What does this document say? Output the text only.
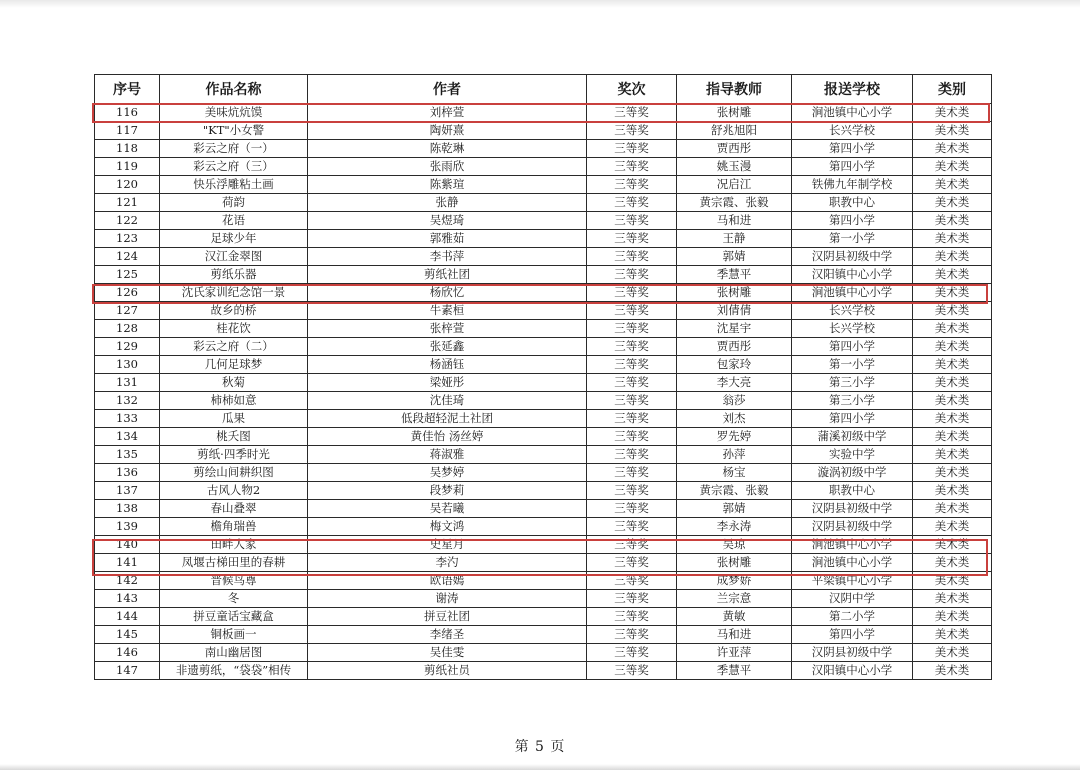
序号	作品名称	作者	奖次	指导教师	报送学校	类别
116	美味炕炕馍	刘梓萱	三等奖	张树雕	涧池镇中心小学	美术类
117	"KT"小女警	陶妍熹	三等奖	舒兆旭阳	长兴学校	美术类
118	彩云之府（一）	陈乾琳	三等奖	贾西彤	第四小学	美术类
119	彩云之府（三）	张雨欣	三等奖	姚玉漫	第四小学	美术类
120	快乐浮雕粘土画	陈紫瑄	三等奖	况启江	铁佛九年制学校	美术类
121	荷韵	张静	三等奖	黄宗霞、张毅	职教中心	美术类
122	花语	吴煜琦	三等奖	马和进	第四小学	美术类
123	足球少年	郭雅茹	三等奖	王静	第一小学	美术类
124	汉江金翠图	李书萍	三等奖	郭婧	汉阴县初级中学	美术类
125	剪纸乐器	剪纸社团	三等奖	季慧平	汉阳镇中心小学	美术类
126	沈氏家训纪念馆一景	杨欣忆	三等奖	张树雕	涧池镇中心小学	美术类
127	故乡的桥	牛素桓	三等奖	刘倩倩	长兴学校	美术类
128	桂花饮	张梓萱	三等奖	沈星宇	长兴学校	美术类
129	彩云之府（二）	张延鑫	三等奖	贾西彤	第四小学	美术类
130	几何足球梦	杨涵钰	三等奖	包家玲	第一小学	美术类
131	秋菊	梁娅彤	三等奖	李大亮	第三小学	美术类
132	柿柿如意	沈佳琦	三等奖	翁莎	第三小学	美术类
133	瓜果	低段超轻泥土社团	三等奖	刘杰	第四小学	美术类
134	桃夭图	黄佳怡 汤丝婷	三等奖	罗先婷	蒲溪初级中学	美术类
135	剪纸·四季时光	蒋淑雅	三等奖	孙萍	实验中学	美术类
136	剪绘山间耕织图	吴梦婷	三等奖	杨宝	漩涡初级中学	美术类
137	古风人物2	段梦莉	三等奖	黄宗霞、张毅	职教中心	美术类
138	春山叠翠	吴若曦	三等奖	郭婧	汉阴县初级中学	美术类
139	檐角瑞兽	梅文鸿	三等奖	李永涛	汉阴县初级中学	美术类
140	田畔人家	史星月	三等奖	吴琼	涧池镇中心小学	美术类
141	凤堰古梯田里的春耕	李汋	三等奖	张树雕	涧池镇中心小学	美术类
142	晋候鸟尊	欧语嫣	三等奖	成梦娇	平梁镇中心小学	美术类
143	冬	谢涛	三等奖	兰宗意	汉阴中学	美术类
144	拼豆童话宝藏盒	拼豆社团	三等奖	黄敏	第二小学	美术类
145	铜板画一	李绪圣	三等奖	马和进	第四小学	美术类
146	南山幽居图	吴佳雯	三等奖	许亚萍	汉阴县初级中学	美术类
147	非遗剪纸，“袋袋”相传	剪纸社员	三等奖	季慧平	汉阳镇中心小学	美术类
第 5 页
